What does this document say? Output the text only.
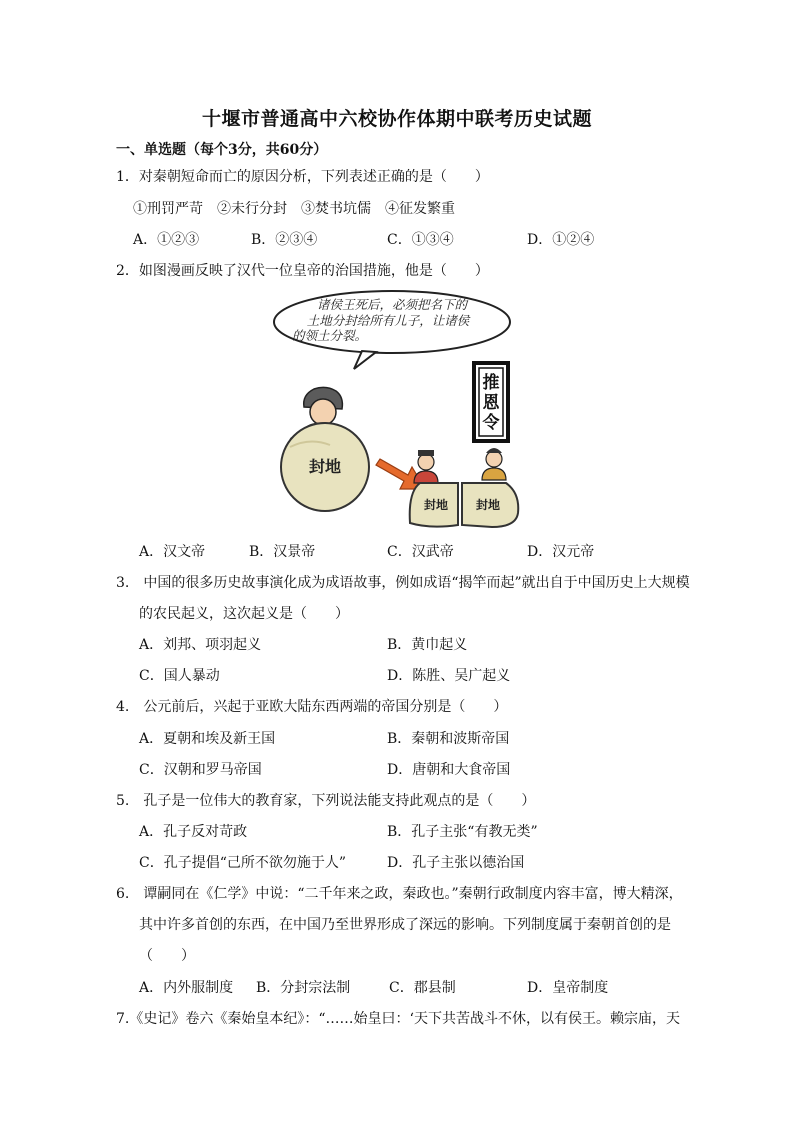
十堰市普通高中六校协作体期中联考历史试题
一、单选题（每个3分，共60分）
1．对秦朝短命而亡的原因分析，下列表述正确的是（　　）
①刑罚严苛　②未行分封　③焚书坑儒　④征发繁重
A．①②③	B．②③④	C．①③④	D．①②④
2．如图漫画反映了汉代一位皇帝的治国措施，他是（　　）
诸侯王死后，必须把名下的
土地分封给所有儿子，让诸侯
的领土分裂。
推
恩
令
封地
封地 封地
A．汉文帝	B．汉景帝	C．汉武帝	D．汉元帝
3.　中国的很多历史故事演化成为成语故事，例如成语“揭竿而起”就出自于中国历史上大规模
的农民起义，这次起义是（　　）
A．刘邦、项羽起义	B．黄巾起义
C．国人暴动	D．陈胜、吴广起义
4.　公元前后，兴起于亚欧大陆东西两端的帝国分别是（　　）
A．夏朝和埃及新王国	B．秦朝和波斯帝国
C．汉朝和罗马帝国	D．唐朝和大食帝国
5.　孔子是一位伟大的教育家，下列说法能支持此观点的是（　　）
A．孔子反对苛政	B．孔子主张“有教无类”
C．孔子提倡“己所不欲勿施于人”	D．孔子主张以德治国
6.　谭嗣同在《仁学》中说：“二千年来之政，秦政也。”秦朝行政制度内容丰富，博大精深，
其中许多首创的东西，在中国乃至世界形成了深远的影响。下列制度属于秦朝首创的是
（　　）
A．内外服制度 B．分封宗法制	C．郡县制	D．皇帝制度
7.《史记》卷六《秦始皇本纪》：“……始皇曰：‘天下共苦战斗不休，以有侯王。赖宗庙，天
